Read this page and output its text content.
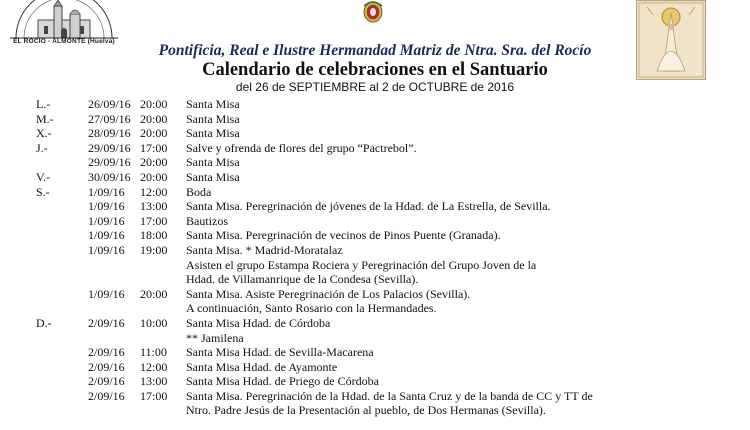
EL ROCÍO - ALMONTE (Huelva)
Pontificia, Real e Ilustre Hermandad Matriz de Ntra. Sra. del Rocío
Calendario de celebraciones en el Santuario
del 26 de SEPTIEMBRE al 2 de OCTUBRE de 2016
L.-	26/09/16 20:00 Santa Misa
M.-	27/09/16 20:00 Santa Misa
X.-	28/09/16 20:00 Santa Misa
J.-	29/09/16 17:00 Salve y ofrenda de flores del grupo “Pactrebol”.
29/09/16 20:00 Santa Misa
V.-	30/09/16 20:00 Santa Misa
S.-	1/09/16 12:00 Boda
1/09/16 13:00 Santa Misa. Peregrinación de jóvenes de la Hdad. de La Estrella, de Sevilla.
1/09/16 17:00 Bautizos
1/09/16 18:00 Santa Misa. Peregrinación de vecinos de Pinos Puente (Granada).
1/09/16 19:00 Santa Misa. * Madrid-Moratalaz
Asisten el grupo Estampa Rociera y Peregrinación del Grupo Joven de la
Hdad. de Villamanrique de la Condesa (Sevilla).
1/09/16 20:00 Santa Misa. Asiste Peregrinación de Los Palacios (Sevilla).
A continuación, Santo Rosario con la Hermandades.
D.-	2/09/16 10:00 Santa Misa Hdad. de Córdoba
** Jamilena
2/09/16 11:00 Santa Misa Hdad. de Sevilla-Macarena
2/09/16 12:00 Santa Misa Hdad. de Ayamonte
2/09/16 13:00 Santa Misa Hdad. de Priego de Córdoba
2/09/16 17:00 Santa Misa. Peregrinación de la Hdad. de la Santa Cruz y de la banda de CC y TT de
Ntro. Padre Jesús de la Presentación al pueblo, de Dos Hermanas (Sevilla).
